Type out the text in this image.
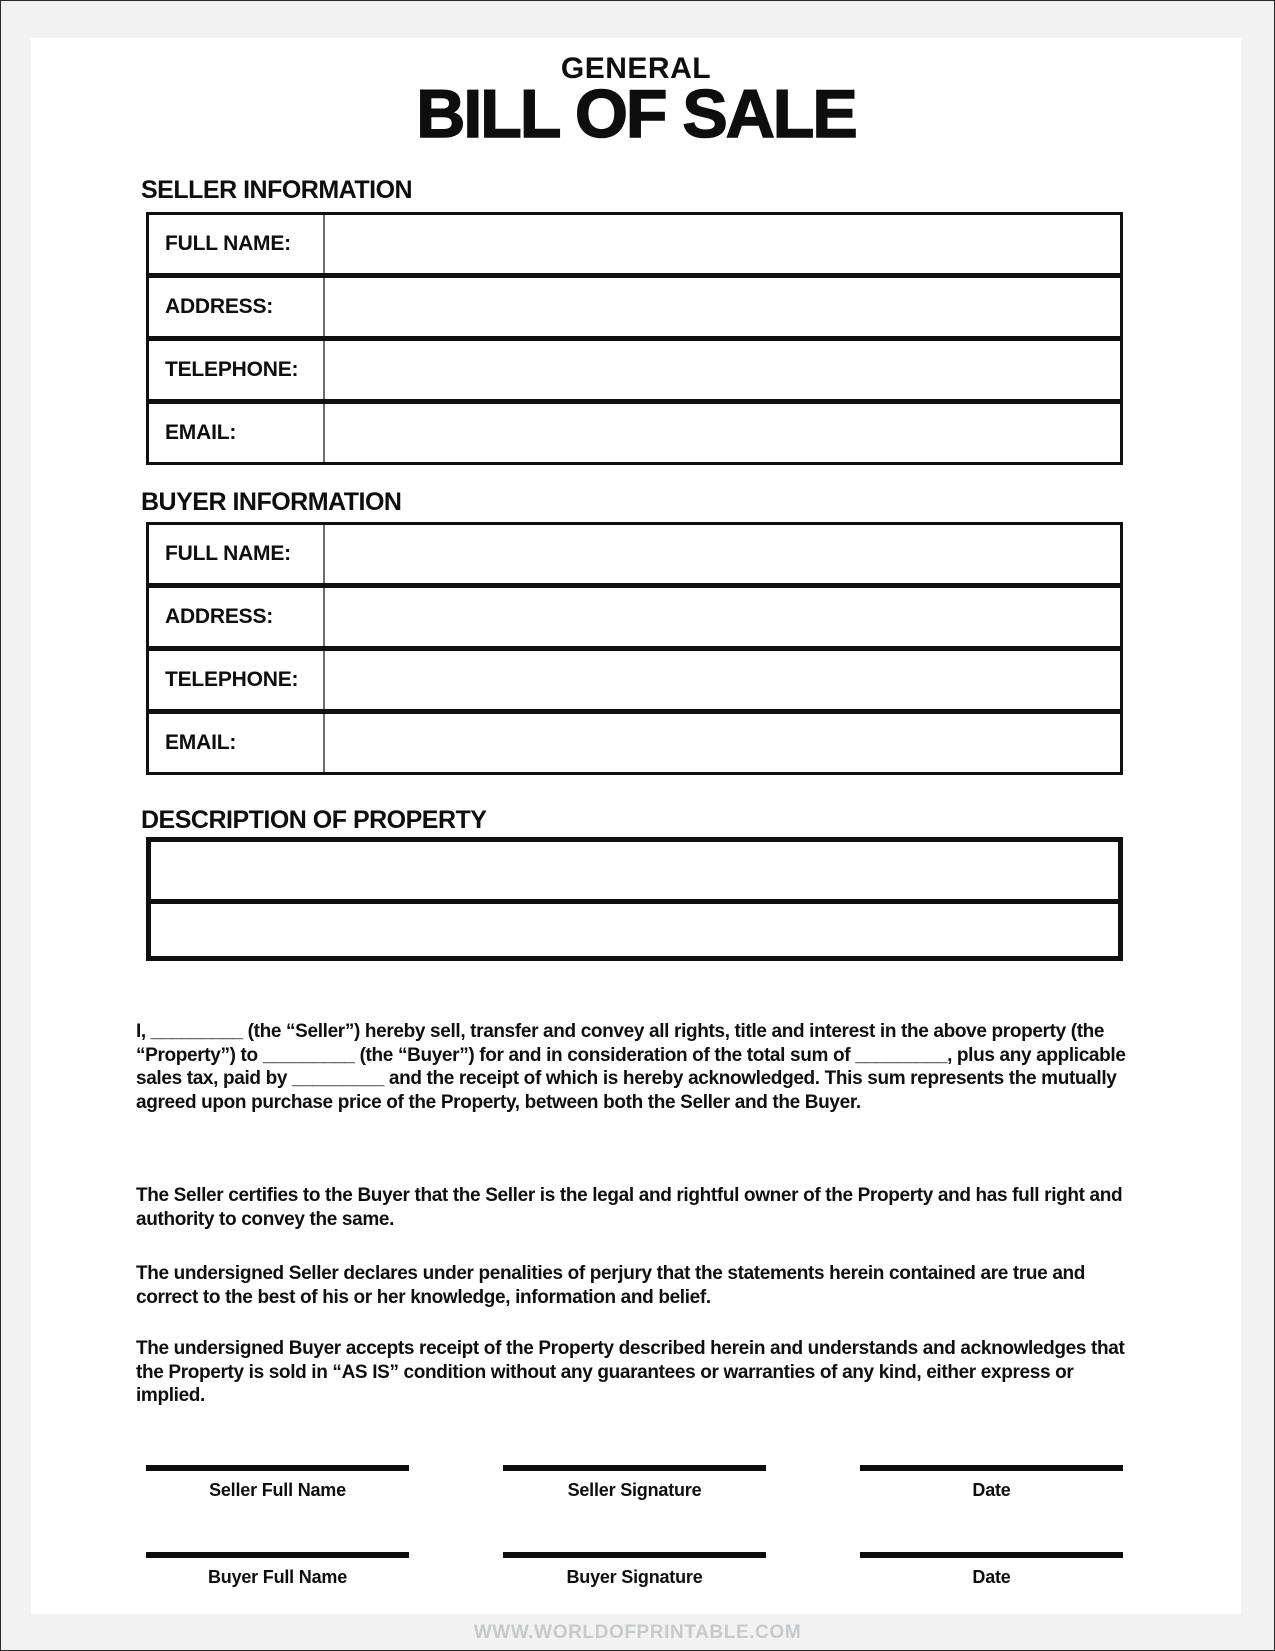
GENERAL
BILL OF SALE
SELLER INFORMATION
FULL NAME:
ADDRESS:
TELEPHONE:
EMAIL:
BUYER INFORMATION
FULL NAME:
ADDRESS:
TELEPHONE:
EMAIL:
DESCRIPTION OF PROPERTY
I, _________ (the “Seller”) hereby sell, transfer and convey all rights, title and interest in the above property (the “Property”) to _________ (the “Buyer”) for and in consideration of the total sum of _________, plus any applicable sales tax, paid by _________ and the receipt of which is hereby acknowledged. This sum represents the mutually agreed upon purchase price of the Property, between both the Seller and the Buyer.
The Seller certifies to the Buyer that the Seller is the legal and rightful owner of the Property and has full right and authority to convey the same.
The undersigned Seller declares under penalities of perjury that the statements herein contained are true and correct to the best of his or her knowledge, information and belief.
The undersigned Buyer accepts receipt of the Property described herein and understands and acknowledges that the Property is sold in “AS IS” condition without any guarantees or warranties of any kind, either express or implied.
Seller Full Name	Seller Signature	Date
Buyer Full Name	Buyer Signature	Date
WWW.WORLDOFPRINTABLE.COM
